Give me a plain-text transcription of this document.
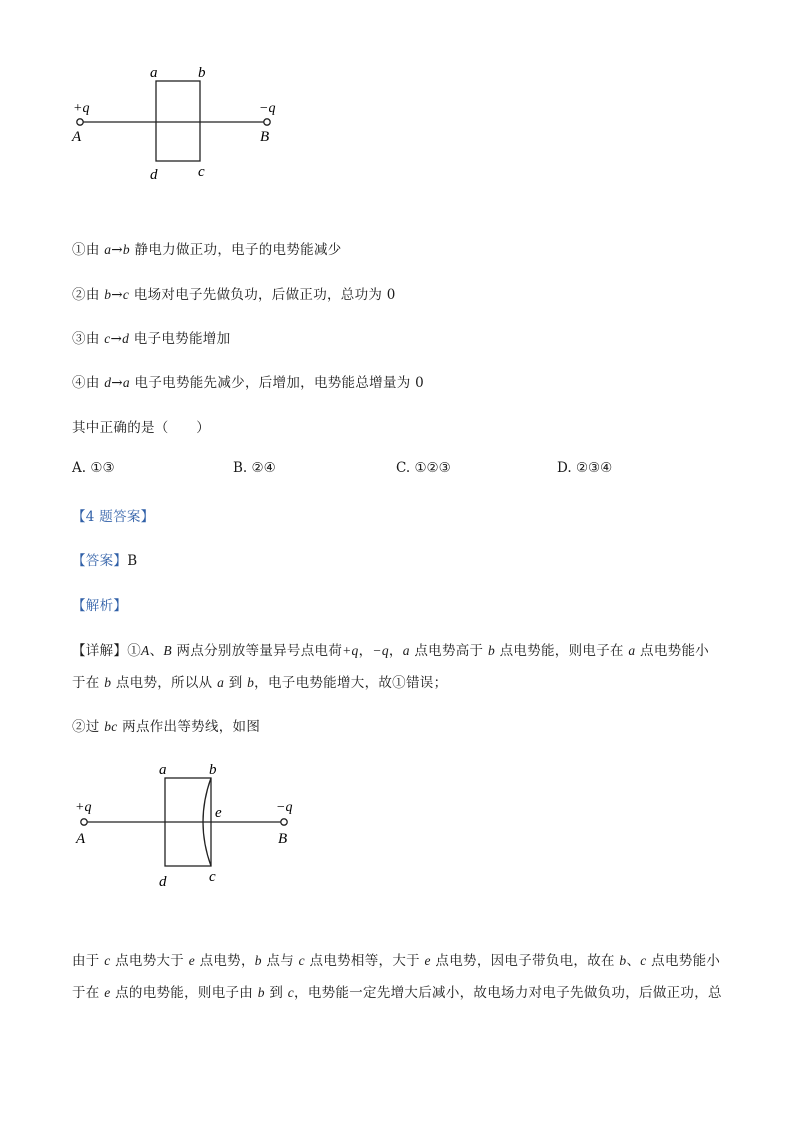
a	b
d	c
+q	−q
A	B
①由 a→b 静电力做正功，电子的电势能减少
②由 b→c 电场对电子先做负功，后做正功，总功为 0
③由 c→d 电子电势能增加
④由 d→a 电子电势能先减少，后增加，电势能总增量为 0
其中正确的是（　　）
A. ①③	B. ②④	C. ①②③	D. ②③④
【4 题答案】
【答案】B
【解析】
【详解】①A、B 两点分别放等量异号点电荷+q，−q，a 点电势高于 b 点电势能，则电子在 a 点电势能小
于在 b 点电势，所以从 a 到 b，电子电势能增大，故①错误；
②过 bc 两点作出等势线，如图
a	b
e
d	c
+q	−q
A	B
由于 c 点电势大于 e 点电势，b 点与 c 点电势相等，大于 e 点电势，因电子带负电，故在 b、c 点电势能小
于在 e 点的电势能，则电子由 b 到 c，电势能一定先增大后减小，故电场力对电子先做负功，后做正功，总
